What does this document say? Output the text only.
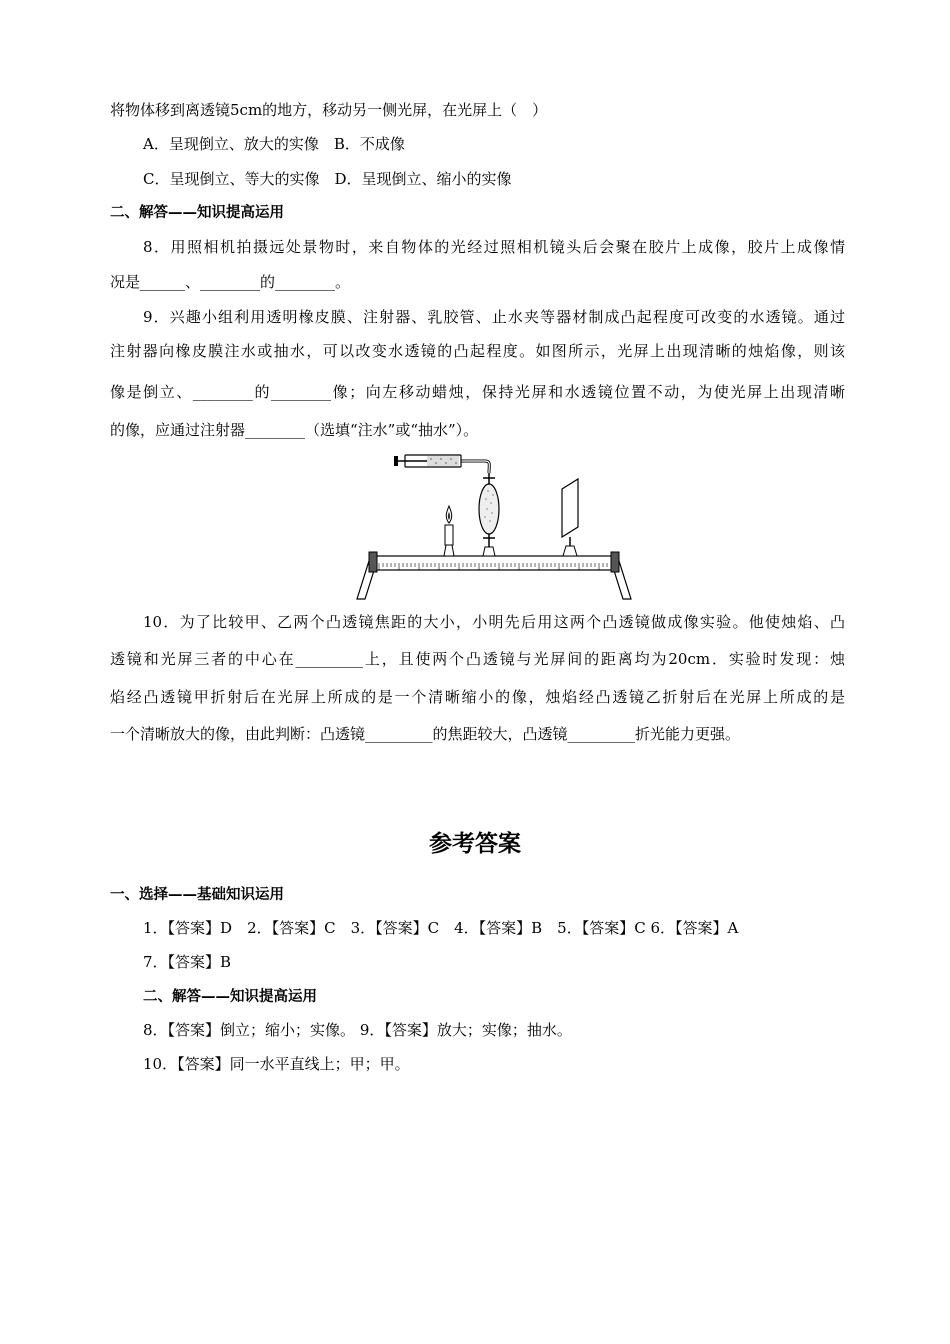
将物体移到离透镜5cm的地方，移动另一侧光屏，在光屏上（　）
A．呈现倒立、放大的实像　B．不成像
C．呈现倒立、等大的实像　D．呈现倒立、缩小的实像
二、解答——知识提高运用
8．用照相机拍摄远处景物时，来自物体的光经过照相机镜头后会聚在胶片上成像，胶片上成像情
况是______、________的________。
9．兴趣小组利用透明橡皮膜、注射器、乳胶管、止水夹等器材制成凸起程度可改变的水透镜。通过
注射器向橡皮膜注水或抽水，可以改变水透镜的凸起程度。如图所示，光屏上出现清晰的烛焰像，则该
像是倒立、________的________像；向左移动蜡烛，保持光屏和水透镜位置不动，为使光屏上出现清晰
的像，应通过注射器________（选填“注水”或“抽水”）。
10．为了比较甲、乙两个凸透镜焦距的大小，小明先后用这两个凸透镜做成像实验。他使烛焰、凸
透镜和光屏三者的中心在_________上，且使两个凸透镜与光屏间的距离均为20cm．实验时发现：烛
焰经凸透镜甲折射后在光屏上所成的是一个清晰缩小的像，烛焰经凸透镜乙折射后在光屏上所成的是
一个清晰放大的像，由此判断：凸透镜_________的焦距较大，凸透镜_________折光能力更强。
参考答案
一、选择——基础知识运用
1．【答案】D　2．【答案】C　3．【答案】C　4．【答案】B　5．【答案】C 6．【答案】A
7．【答案】B
二、解答——知识提高运用
8．【答案】倒立；缩小；实像。 9．【答案】放大；实像；抽水。
10．【答案】同一水平直线上；甲；甲。
